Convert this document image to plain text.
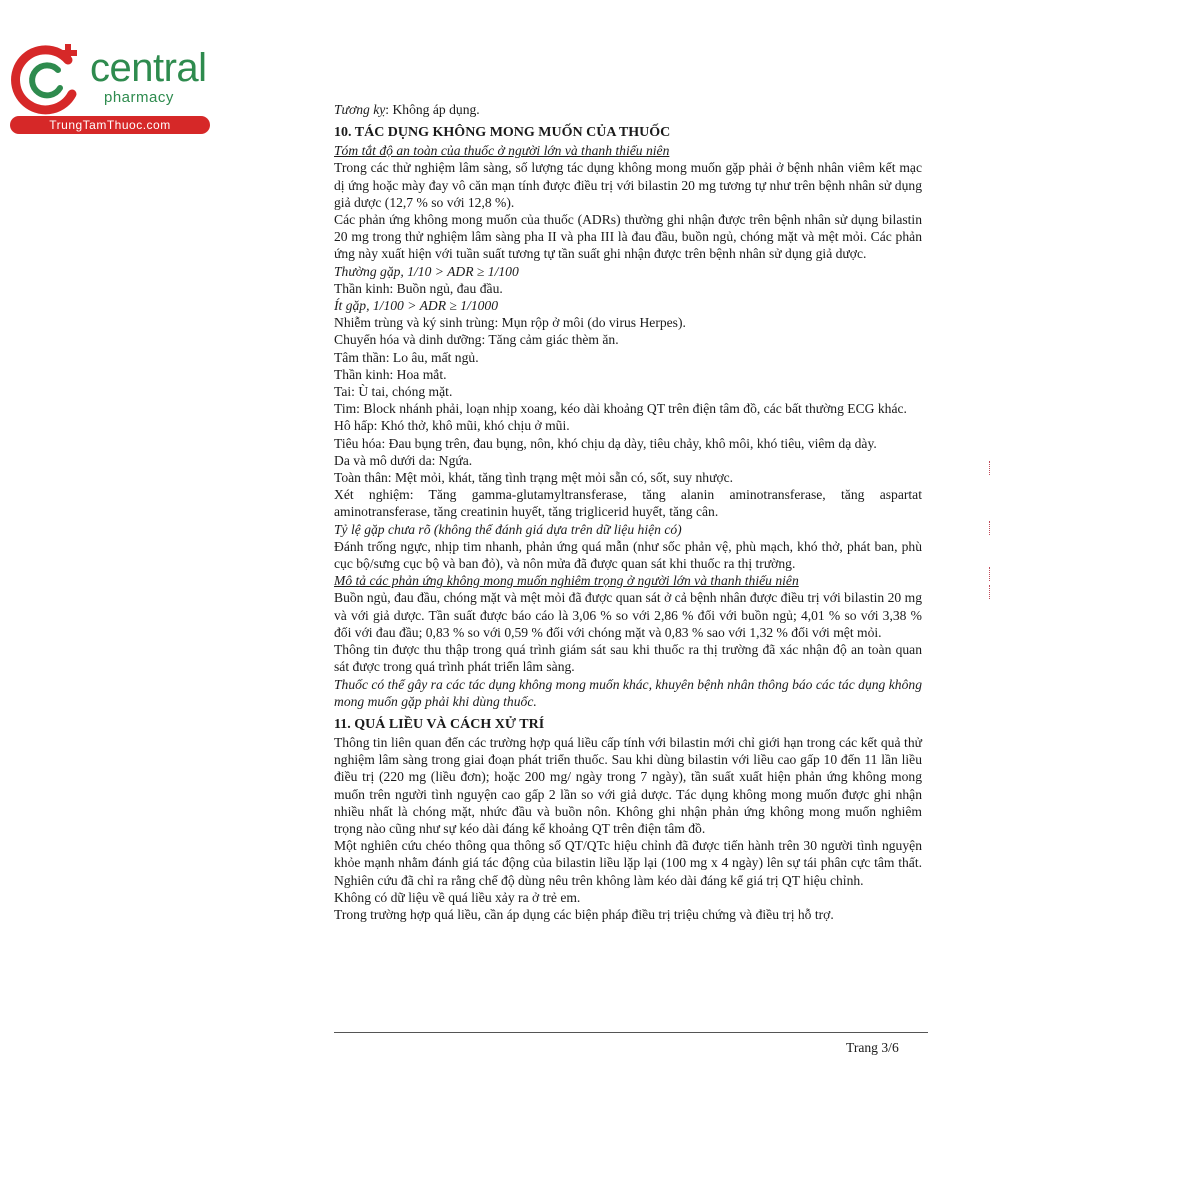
central
pharmacy
TrungTamThuoc.com

Tương kỵ: Không áp dụng.

10. TÁC DỤNG KHÔNG MONG MUỐN CỦA THUỐC

Tóm tắt độ an toàn của thuốc ở người lớn và thanh thiếu niên

Trong các thử nghiệm lâm sàng, số lượng tác dụng không mong muốn gặp phải ở bệnh nhân viêm kết mạc dị ứng hoặc mày đay vô căn mạn tính được điều trị với bilastin 20 mg tương tự như trên bệnh nhân sử dụng giả dược (12,7 % so với 12,8 %).

Các phản ứng không mong muốn của thuốc (ADRs) thường ghi nhận được trên bệnh nhân sử dụng bilastin 20 mg trong thử nghiệm lâm sàng pha II và pha III là đau đầu, buồn ngủ, chóng mặt và mệt mỏi. Các phản ứng này xuất hiện với tuần suất tương tự tần suất ghi nhận được trên bệnh nhân sử dụng giả dược.

Thường gặp, 1/10 > ADR ≥ 1/100

Thần kinh: Buồn ngủ, đau đầu.

Ít gặp, 1/100 > ADR ≥ 1/1000

Nhiễm trùng và ký sinh trùng: Mụn rộp ở môi (do virus Herpes).

Chuyển hóa và dinh dưỡng: Tăng cảm giác thèm ăn.

Tâm thần: Lo âu, mất ngủ.

Thần kinh: Hoa mắt.

Tai: Ù tai, chóng mặt.

Tim: Block nhánh phải, loạn nhịp xoang, kéo dài khoảng QT trên điện tâm đồ, các bất thường ECG khác.

Hô hấp: Khó thở, khô mũi, khó chịu ở mũi.

Tiêu hóa: Đau bụng trên, đau bụng, nôn, khó chịu dạ dày, tiêu chảy, khô môi, khó tiêu, viêm dạ dày.

Da và mô dưới da: Ngứa.

Toàn thân: Mệt mỏi, khát, tăng tình trạng mệt mỏi sẵn có, sốt, suy nhược.

Xét nghiệm: Tăng gamma-glutamyltransferase, tăng alanin aminotransferase, tăng aspartat aminotransferase, tăng creatinin huyết, tăng triglicerid huyết, tăng cân.

Tỷ lệ gặp chưa rõ (không thể đánh giá dựa trên dữ liệu hiện có)

Đánh trống ngực, nhịp tim nhanh, phản ứng quá mẫn (như sốc phản vệ, phù mạch, khó thở, phát ban, phù cục bộ/sưng cục bộ và ban đỏ), và nôn mửa đã được quan sát khi thuốc ra thị trường.

Mô tả các phản ứng không mong muốn nghiêm trọng ở người lớn và thanh thiếu niên

Buồn ngủ, đau đầu, chóng mặt và mệt mỏi đã được quan sát ở cả bệnh nhân được điều trị với bilastin 20 mg và với giả dược. Tần suất được báo cáo là 3,06 % so với 2,86 % đối với buồn ngủ; 4,01 % so với 3,38 % đối với đau đầu; 0,83 % so với 0,59 % đối với chóng mặt và 0,83 % sao với 1,32 % đối với mệt mỏi.

Thông tin được thu thập trong quá trình giám sát sau khi thuốc ra thị trường đã xác nhận độ an toàn quan sát được trong quá trình phát triển lâm sàng.

Thuốc có thể gây ra các tác dụng không mong muốn khác, khuyên bệnh nhân thông báo các tác dụng không mong muốn gặp phải khi dùng thuốc.

11. QUÁ LIỀU VÀ CÁCH XỬ TRÍ

Thông tin liên quan đến các trường hợp quá liều cấp tính với bilastin mới chỉ giới hạn trong các kết quả thử nghiệm lâm sàng trong giai đoạn phát triển thuốc. Sau khi dùng bilastin với liều cao gấp 10 đến 11 lần liều điều trị (220 mg (liều đơn); hoặc 200 mg/ ngày trong 7 ngày), tần suất xuất hiện phản ứng không mong muốn trên người tình nguyện cao gấp 2 lần so với giả dược. Tác dụng không mong muốn được ghi nhận nhiều nhất là chóng mặt, nhức đầu và buồn nôn. Không ghi nhận phản ứng không mong muốn nghiêm trọng nào cũng như sự kéo dài đáng kể khoảng QT trên điện tâm đồ.

Một nghiên cứu chéo thông qua thông số QT/QTc hiệu chỉnh đã được tiến hành trên 30 người tình nguyện khỏe mạnh nhằm đánh giá tác động của bilastin liều lặp lại (100 mg x 4 ngày) lên sự tái phân cực tâm thất. Nghiên cứu đã chỉ ra rằng chế độ dùng nêu trên không làm kéo dài đáng kể giá trị QT hiệu chỉnh.

Không có dữ liệu về quá liều xảy ra ở trẻ em.

Trong trường hợp quá liều, cần áp dụng các biện pháp điều trị triệu chứng và điều trị hỗ trợ.

Trang 3/6
